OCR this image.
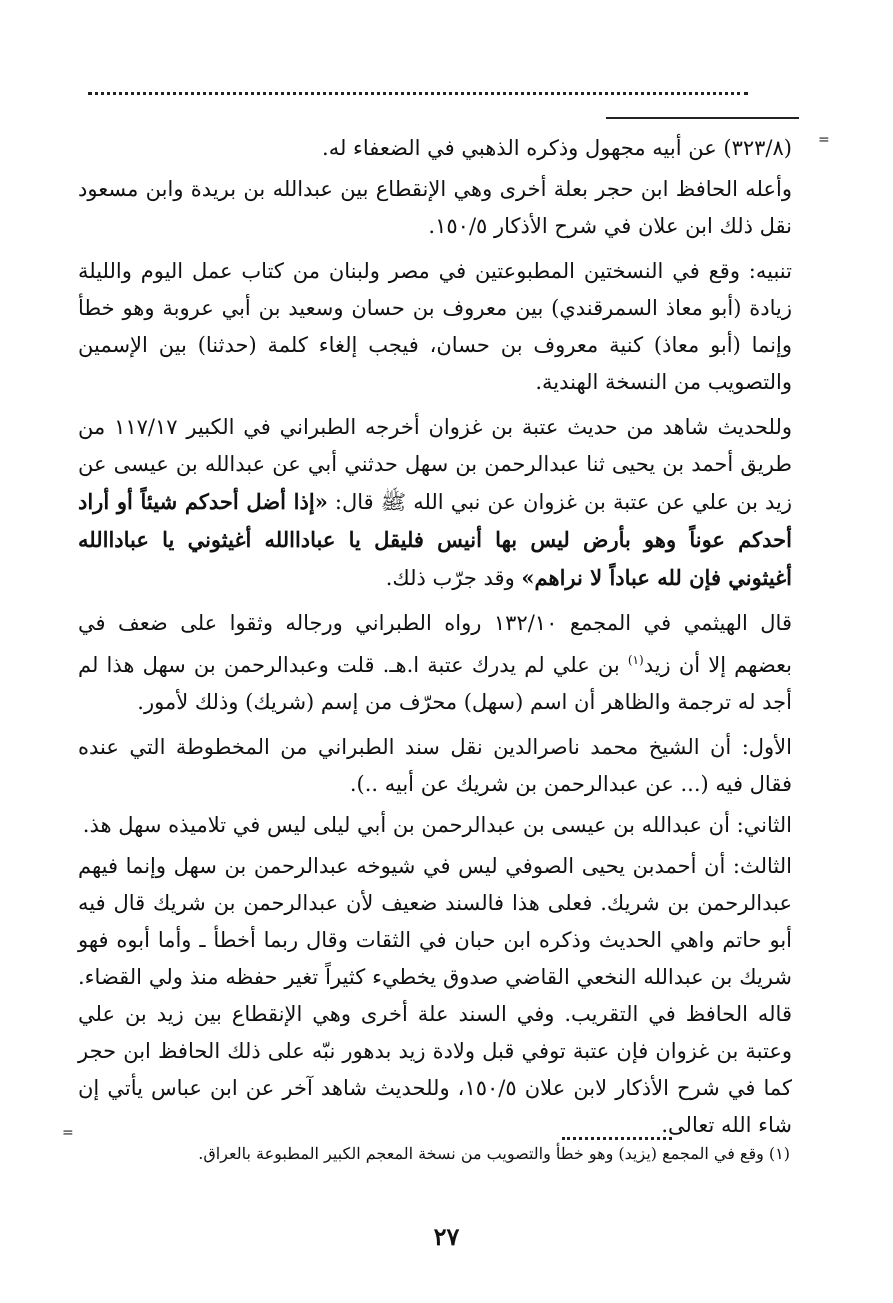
=
=

(٣٢٣/٨) عن أبيه مجهول وذكره الذهبي في الضعفاء له.

وأعله الحافظ ابن حجر بعلة أخرى وهي الإنقطاع بين عبدالله بن بريدة وابن مسعود نقل ذلك ابن علان في شرح الأذكار ١٥٠/٥.

تنبيه: وقع في النسختين المطبوعتين في مصر ولبنان من كتاب عمل اليوم والليلة زيادة (أبو معاذ السمرقندي) بين معروف بن حسان وسعيد بن أبي عروبة وهو خطأ وإنما (أبو معاذ) كنية معروف بن حسان، فيجب إلغاء كلمة (حدثنا) بين الإسمين والتصويب من النسخة الهندية.

وللحديث شاهد من حديث عتبة بن غزوان أخرجه الطبراني في الكبير ١١٧/١٧ من طريق أحمد بن يحيى ثنا عبدالرحمن بن سهل حدثني أبي عن عبدالله بن عيسى عن زيد بن علي عن عتبة بن غزوان عن نبي الله ﷺ قال: «إذا أضل أحدكم شيئاً أو أراد أحدكم عوناً وهو بأرض ليس بها أنيس فليقل يا عباداالله أغيثوني يا عباداالله أغيثوني فإن لله عباداً لا نراهم» وقد جرّب ذلك.

قال الهيثمي في المجمع ١٣٢/١٠ رواه الطبراني ورجاله وثقوا على ضعف في بعضهم إلا أن زيد$^{(١)}$ بن علي لم يدرك عتبة ا.هـ. قلت وعبدالرحمن بن سهل هذا لم أجد له ترجمة والظاهر أن اسم (سهل) محرّف من إسم (شريك) وذلك لأمور.

الأول: أن الشيخ محمد ناصرالدين نقل سند الطبراني من المخطوطة التي عنده فقال فيه (... عن عبدالرحمن بن شريك عن أبيه ..).

الثاني: أن عبدالله بن عيسى بن عبدالرحمن بن أبي ليلى ليس في تلاميذه سهل هذ.

الثالث: أن أحمدبن يحيى الصوفي ليس في شيوخه عبدالرحمن بن سهل وإنما فيهم عبدالرحمن بن شريك. فعلى هذا فالسند ضعيف لأن عبدالرحمن بن شريك قال فيه أبو حاتم واهي الحديث وذكره ابن حبان في الثقات وقال ربما أخطأ ـ وأما أبوه فهو شريك بن عبدالله النخعي القاضي صدوق يخطيء كثيراً تغير حفظه منذ ولي القضاء. قاله الحافظ في التقريب. وفي السند علة أخرى وهي الإنقطاع بين زيد بن علي وعتبة بن غزوان فإن عتبة توفي قبل ولادة زيد بدهور نبّه على ذلك الحافظ ابن حجر كما في شرح الأذكار لابن علان ١٥٠/٥، وللحديث شاهد آخر عن ابن عباس يأتي إن شاء الله تعالى.

(١) وقع في المجمع (يزيد) وهو خطأ والتصويب من نسخة المعجم الكبير المطبوعة بالعراق.
٢٧
